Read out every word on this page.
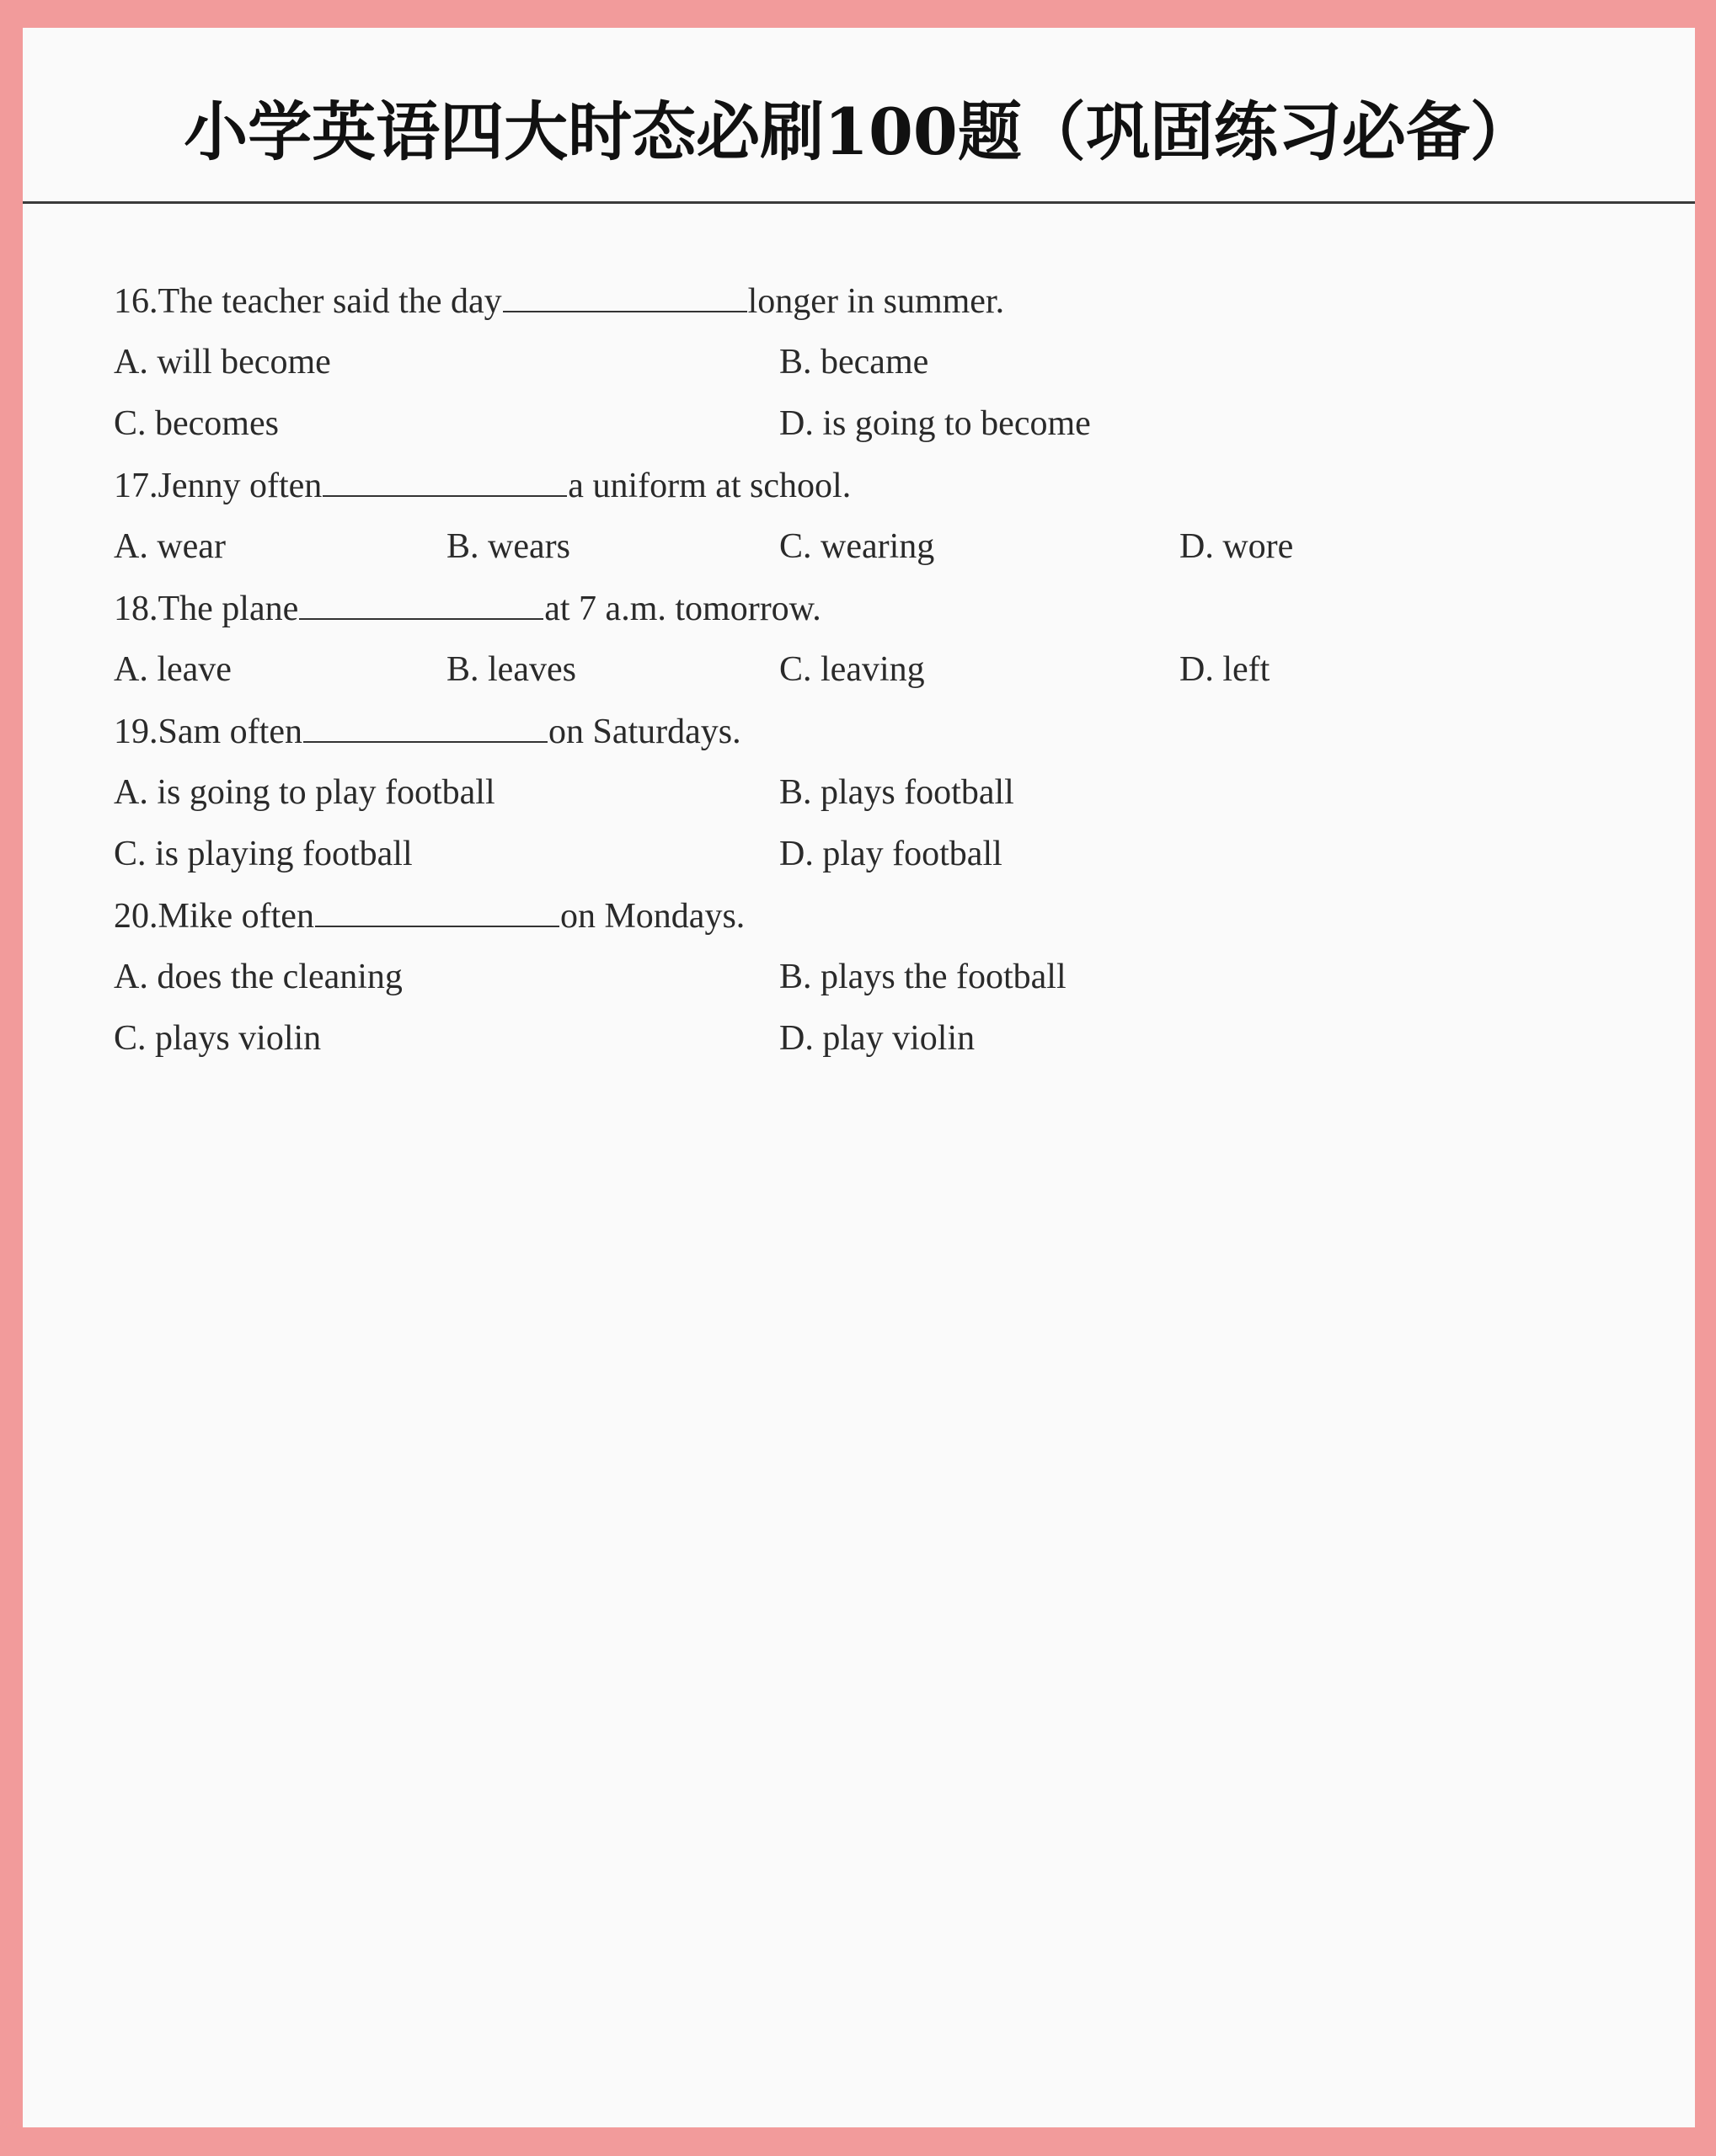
小学英语四大时态必刷100题（巩固练习必备）
16.The teacher said the day	longer in summer.
A. will become	B. became
C. becomes	D. is going to become
17.Jenny often	a uniform at school.
A. wear	B. wears	C. wearing	D. wore
18.The plane	at 7 a.m. tomorrow.
A. leave	B. leaves	C. leaving	D. left
19.Sam often	on Saturdays.
A. is going to play football	B. plays football
C. is playing football	D. play football
20.Mike often	on Mondays.
A. does the cleaning	B. plays the football
C. plays violin	D. play violin
